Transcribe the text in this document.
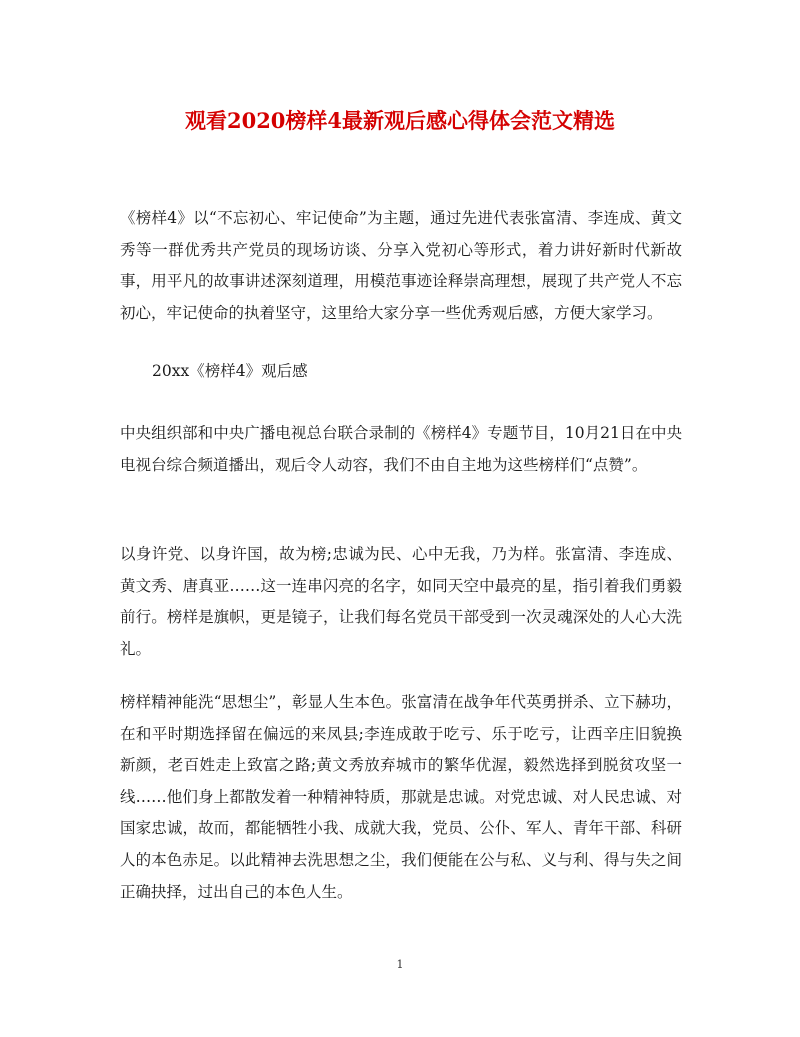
观看2020榜样4最新观后感心得体会范文精选
《榜样4》以“不忘初心、牢记使命”为主题，通过先进代表张富清、李连成、黄文秀等一群优秀共产党员的现场访谈、分享入党初心等形式，着力讲好新时代新故事，用平凡的故事讲述深刻道理，用模范事迹诠释崇高理想，展现了共产党人不忘初心，牢记使命的执着坚守，这里给大家分享一些优秀观后感，方便大家学习。
20xx《榜样4》观后感
中央组织部和中央广播电视总台联合录制的《榜样4》专题节目，10月21日在中央电视台综合频道播出，观后令人动容，我们不由自主地为这些榜样们“点赞”。
以身许党、以身许国，故为榜;忠诚为民、心中无我，乃为样。张富清、李连成、黄文秀、唐真亚……这一连串闪亮的名字，如同天空中最亮的星，指引着我们勇毅前行。榜样是旗帜，更是镜子，让我们每名党员干部受到一次灵魂深处的人心大洗礼。
榜样精神能洗“思想尘”，彰显人生本色。张富清在战争年代英勇拼杀、立下赫功，在和平时期选择留在偏远的来凤县;李连成敢于吃亏、乐于吃亏，让西辛庄旧貌换新颜，老百姓走上致富之路;黄文秀放弃城市的繁华优渥，毅然选择到脱贫攻坚一线……他们身上都散发着一种精神特质，那就是忠诚。对党忠诚、对人民忠诚、对国家忠诚，故而，都能牺牲小我、成就大我，党员、公仆、军人、青年干部、科研人的本色赤足。以此精神去洗思想之尘，我们便能在公与私、义与利、得与失之间正确抉择，过出自己的本色人生。
1
